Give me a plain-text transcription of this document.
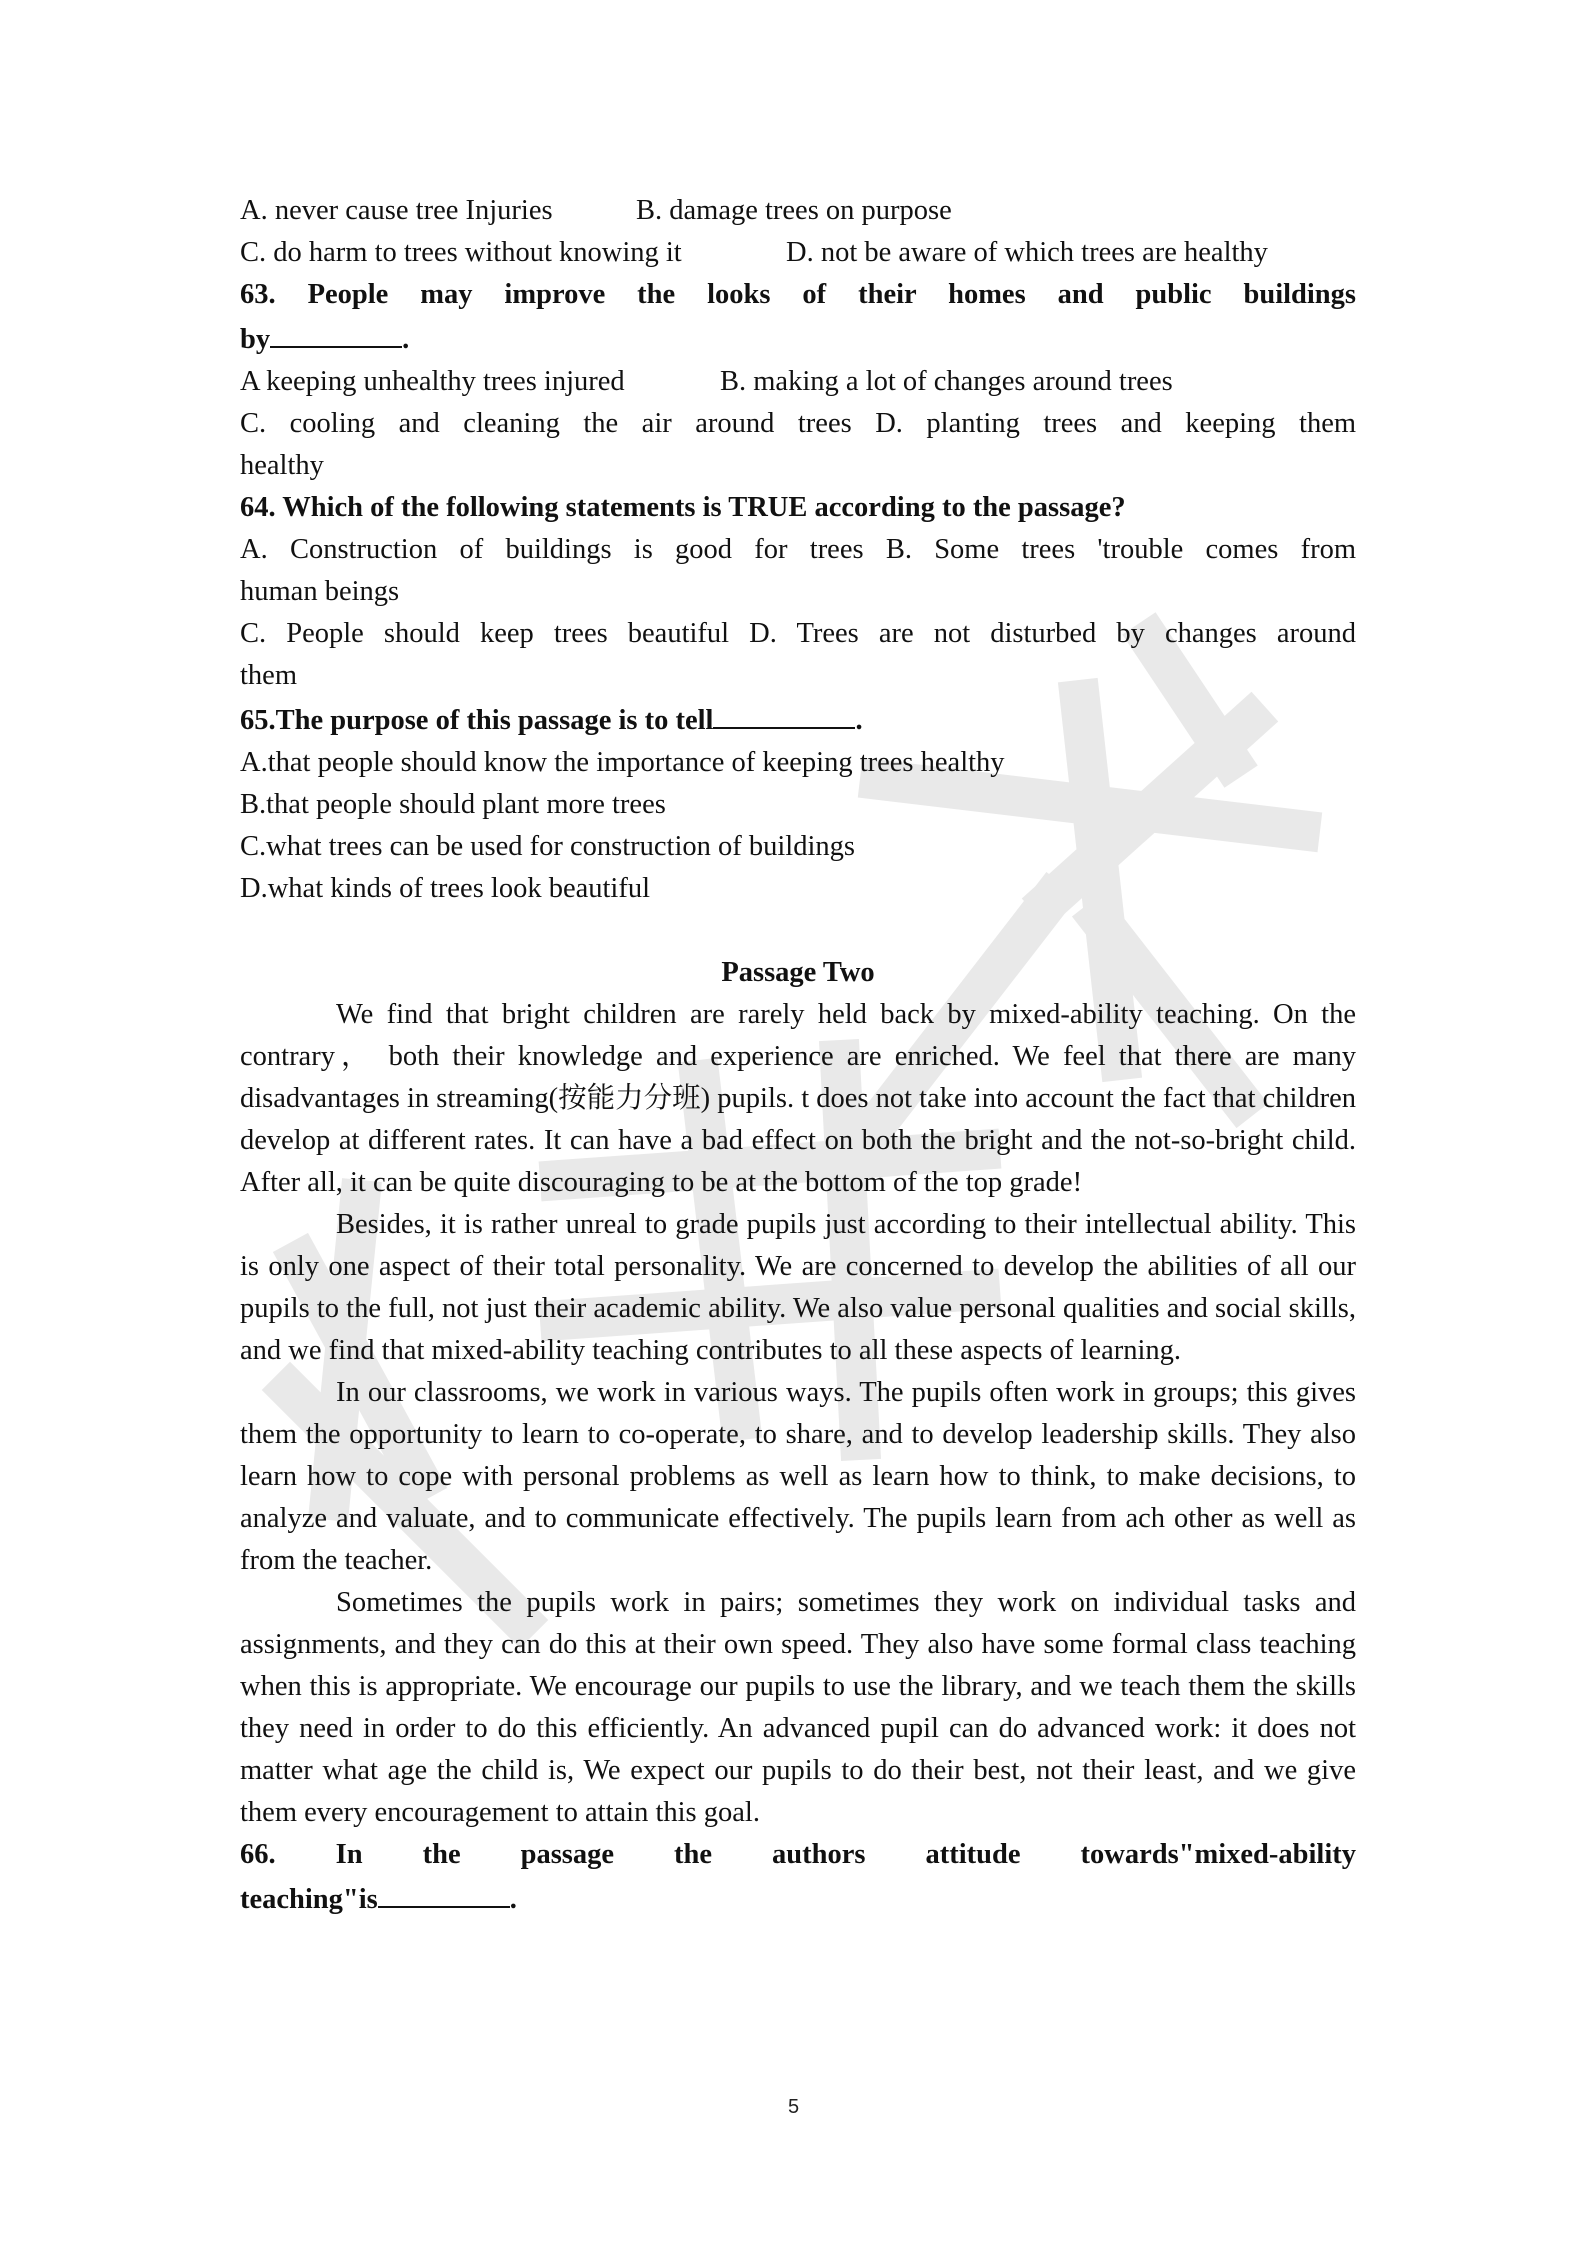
A. never cause tree Injuries	B. damage trees on purpose
C. do harm to trees without knowing it	D. not be aware of which trees are healthy
63. People may improve the looks of their homes and public buildings
by	.
A keeping unhealthy trees injured	B. making a lot of changes around trees
C. cooling and cleaning the air around trees D. planting trees and keeping them
healthy
64. Which of the following statements is TRUE according to the passage?
A. Construction of buildings is good for trees B. Some trees 'trouble comes from
human beings
C. People should keep trees beautiful D. Trees are not disturbed by changes around
them
65.The purpose of this passage is to tell	.
A.that people should know the importance of keeping trees healthy
B.that people should plant more trees
C.what trees can be used for construction of buildings
D.what kinds of trees look beautiful
Passage Two
We find that bright children are rarely held back by mixed-ability teaching. On the contrary， both their knowledge and experience are enriched. We feel that there are many disadvantages in streaming(按能力分班) pupils. t does not take into account the fact that children develop at different rates. It can have a bad effect on both the bright and the not-so-bright child. After all, it can be quite discouraging to be at the bottom of the top grade!
Besides, it is rather unreal to grade pupils just according to their intellectual ability. This is only one aspect of their total personality. We are concerned to develop the abilities of all our pupils to the full, not just their academic ability. We also value personal qualities and social skills, and we find that mixed-ability teaching contributes to all these aspects of learning.
In our classrooms, we work in various ways. The pupils often work in groups; this gives them the opportunity to learn to co-operate, to share, and to develop leadership skills. They also learn how to cope with personal problems as well as learn how to think, to make decisions, to analyze and valuate, and to communicate effectively. The pupils learn from ach other as well as from the teacher.
Sometimes the pupils work in pairs; sometimes they work on individual tasks and assignments, and they can do this at their own speed. They also have some formal class teaching when this is appropriate. We encourage our pupils to use the library, and we teach them the skills they need in order to do this efficiently. An advanced pupil can do advanced work: it does not matter what age the child is, We expect our pupils to do their best, not their least, and we give them every encouragement to attain this goal.
66. In the passage the authors attitude towards"mixed-ability
teaching"is	.
5
